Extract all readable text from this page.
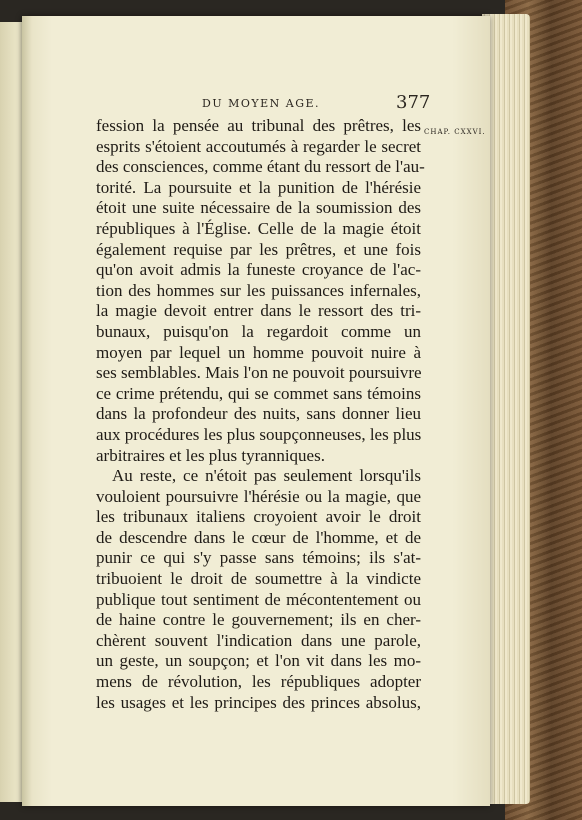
DU MOYEN AGE.	377
CHAP. CXXVI.
fession la pensée au tribunal des prêtres, les
esprits s'étoient accoutumés à regarder le secret
des consciences, comme étant du ressort de l'au-
torité. La poursuite et la punition de l'hérésie
étoit une suite nécessaire de la soumission des
républiques à l'Église. Celle de la magie étoit
également requise par les prêtres, et une fois
qu'on avoit admis la funeste croyance de l'ac-
tion des hommes sur les puissances infernales,
la magie devoit entrer dans le ressort des tri-
bunaux, puisqu'on la regardoit comme un
moyen par lequel un homme pouvoit nuire à
ses semblables. Mais l'on ne pouvoit poursuivre
ce crime prétendu, qui se commet sans témoins
dans la profondeur des nuits, sans donner lieu
aux procédures les plus soupçonneuses, les plus
arbitraires et les plus tyranniques.
Au reste, ce n'étoit pas seulement lorsqu'ils
vouloient poursuivre l'hérésie ou la magie, que
les tribunaux italiens croyoient avoir le droit
de descendre dans le cœur de l'homme, et de
punir ce qui s'y passe sans témoins; ils s'at-
tribuoient le droit de soumettre à la vindicte
publique tout sentiment de mécontentement ou
de haine contre le gouvernement; ils en cher-
chèrent souvent l'indication dans une parole,
un geste, un soupçon; et l'on vit dans les mo-
mens de révolution, les républiques adopter
les usages et les principes des princes absolus,
